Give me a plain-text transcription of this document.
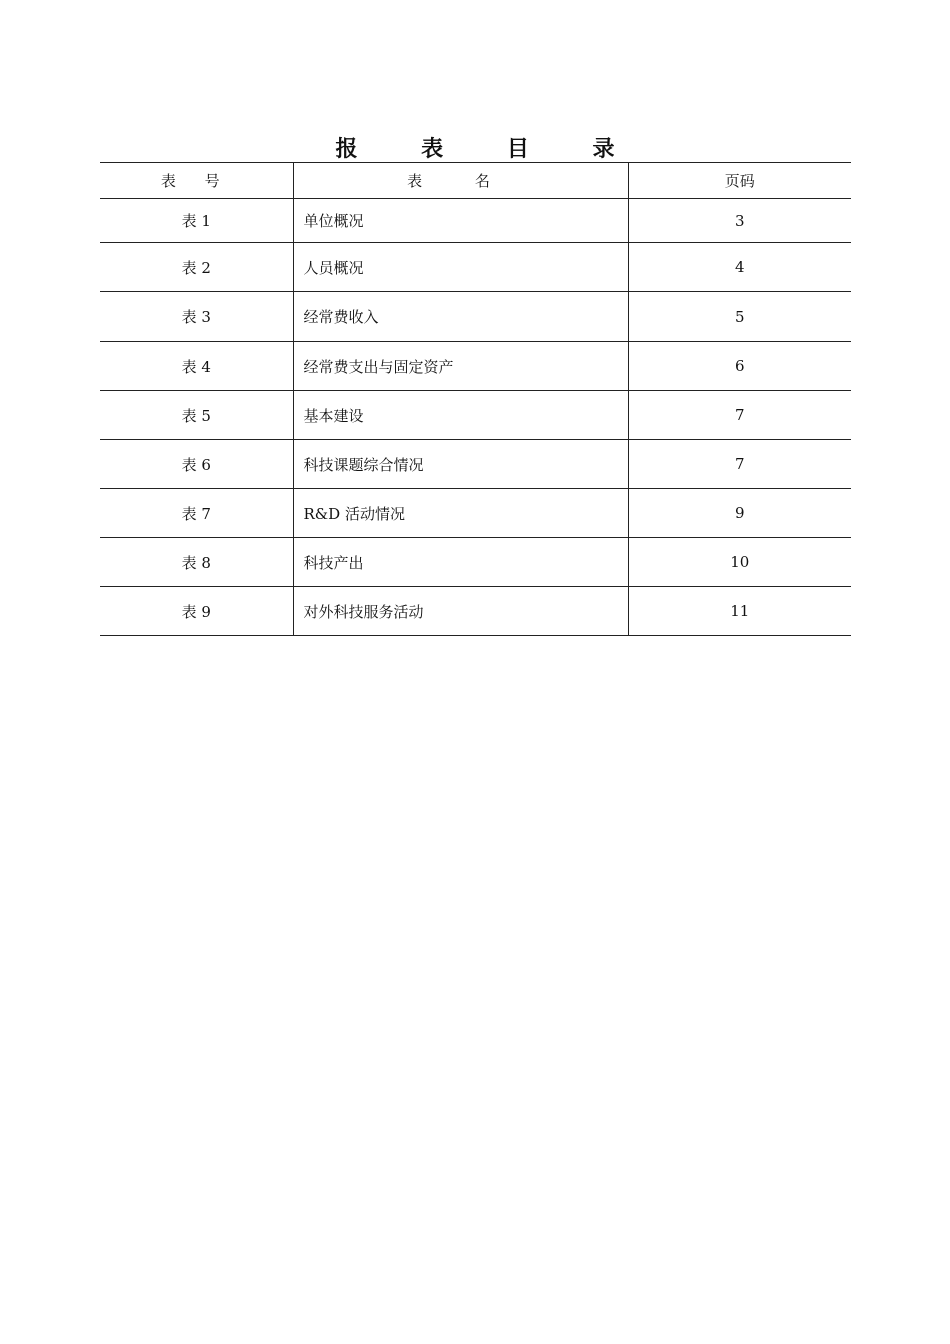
报 表 目 录
表 号	表 名	页码
表 1	单位概况	3
表 2	人员概况	4
表 3	经常费收入	5
表 4	经常费支出与固定资产	6
表 5	基本建设	7
表 6	科技课题综合情况	7
表 7	R&D 活动情况	9
表 8	科技产出	10
表 9	对外科技服务活动	11
